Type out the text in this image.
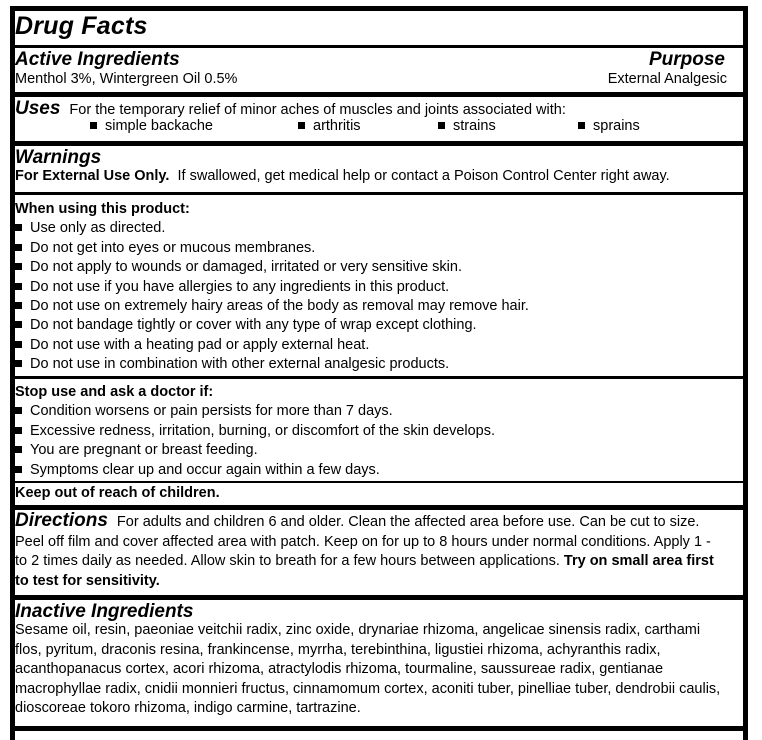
Drug Facts
Active Ingredients	Purpose
Menthol 3%, Wintergreen Oil 0.5%	External Analgesic
Uses For the temporary relief of minor aches of muscles and joints associated with:
simple backache	arthritis	strains	sprains
Warnings
For External Use Only. If swallowed, get medical help or contact a Poison Control Center right away.
When using this product:
Use only as directed.
Do not get into eyes or mucous membranes.
Do not apply to wounds or damaged, irritated or very sensitive skin.
Do not use if you have allergies to any ingredients in this product.
Do not use on extremely hairy areas of the body as removal may remove hair.
Do not bandage tightly or cover with any type of wrap except clothing.
Do not use with a heating pad or apply external heat.
Do not use in combination with other external analgesic products.
Stop use and ask a doctor if:
Condition worsens or pain persists for more than 7 days.
Excessive redness, irritation, burning, or discomfort of the skin develops.
You are pregnant or breast feeding.
Symptoms clear up and occur again within a few days.
Keep out of reach of children.
Directions For adults and children 6 and older. Clean the affected area before use. Can be cut to size. Peel off film and cover affected area with patch. Keep on for up to 8 hours under normal conditions. Apply 1 - to 2 times daily as needed. Allow skin to breath for a few hours between applications. Try on small area first to test for sensitivity.
Inactive Ingredients
Sesame oil, resin, paeoniae veitchii radix, zinc oxide, drynariae rhizoma, angelicae sinensis radix, carthami flos, pyritum, draconis resina, frankincense, myrrha, terebinthina, ligustiei rhizoma, achyranthis radix, acanthopanacus cortex, acori rhizoma, atractylodis rhizoma, tourmaline, saussureae radix, gentianae macrophyllae radix, cnidii monnieri fructus, cinnamomum cortex, aconiti tuber, pinelliae tuber, dendrobii caulis, dioscoreae tokoro rhizoma, indigo carmine, tartrazine.
